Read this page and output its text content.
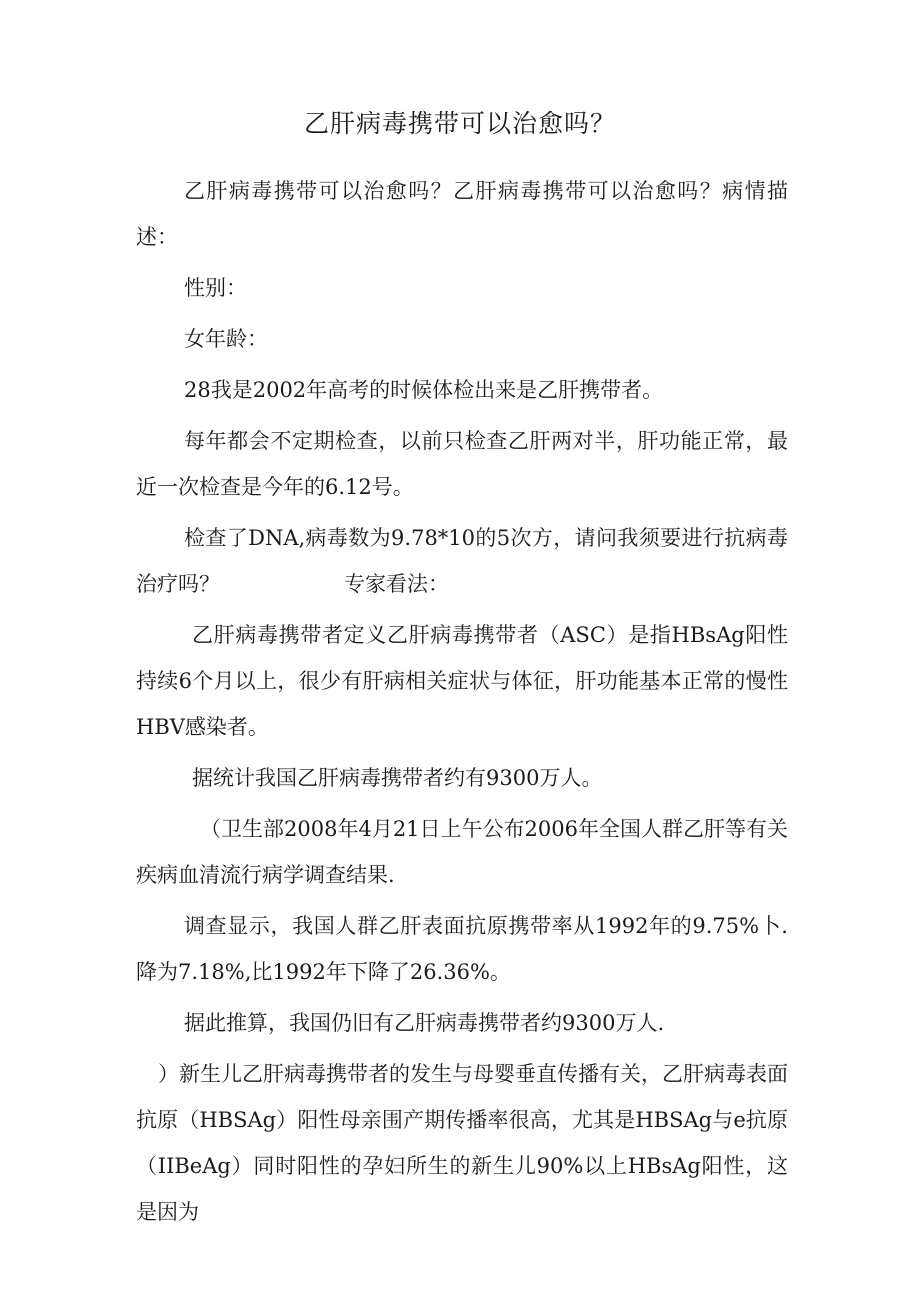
乙肝病毒携带可以治愈吗？

乙肝病毒携带可以治愈吗？乙肝病毒携带可以治愈吗？病情描述：

性别：

女年龄：

28我是2002年高考的时候体检出来是乙肝携带者。

每年都会不定期检查，以前只检查乙肝两对半，肝功能正常，最近一次检查是今年的6.12号。

检查了DNA,病毒数为9.78*10的5次方，请问我须要进行抗病毒治疗吗？	专家看法：

乙肝病毒携带者定义乙肝病毒携带者（ASC）是指HBsAg阳性持续6个月以上，很少有肝病相关症状与体征，肝功能基本正常的慢性HBV感染者。

据统计我国乙肝病毒携带者约有9300万人。

（卫生部2008年4月21日上午公布2006年全国人群乙肝等有关疾病血清流行病学调查结果.

调查显示，我国人群乙肝表面抗原携带率从1992年的9.75%卜.降为7.18%,比1992年下降了26.36%。

据此推算，我国仍旧有乙肝病毒携带者约9300万人.

）新生儿乙肝病毒携带者的发生与母婴垂直传播有关，乙肝病毒表面抗原（HBSAg）阳性母亲围产期传播率很高，尤其是HBSAg与e抗原（IIBeAg）同时阳性的孕妇所生的新生儿90%以上HBsAg阳性，这是因为
